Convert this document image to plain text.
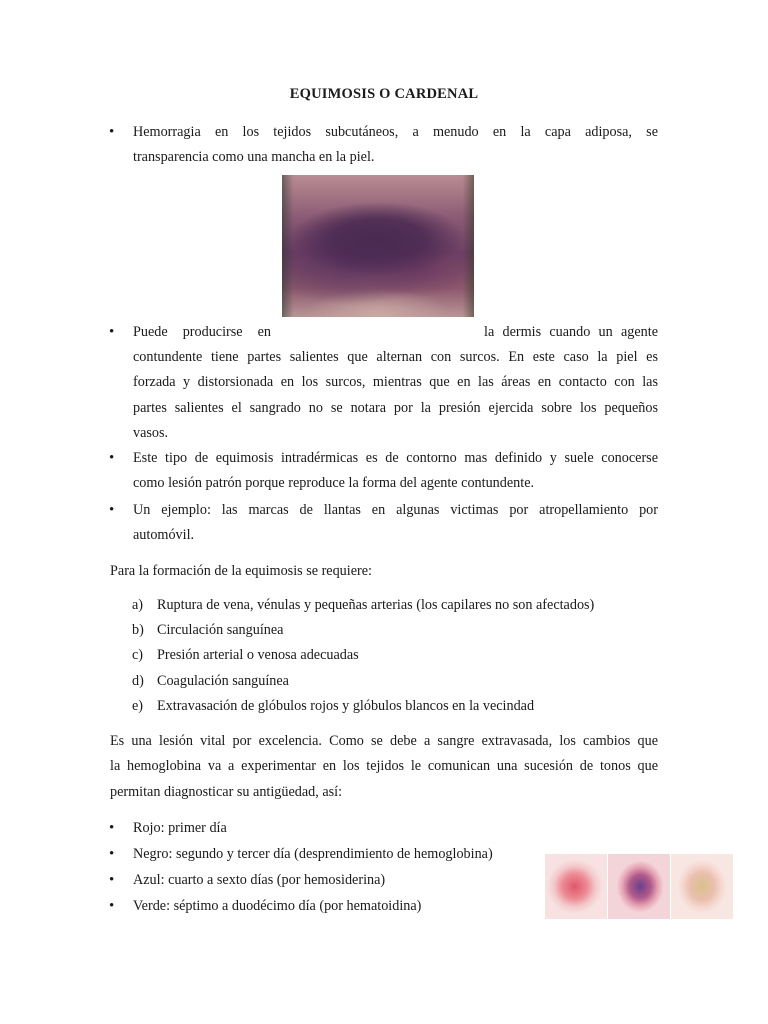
EQUIMOSIS O CARDENAL
• Hemorragia en los tejidos subcutáneos, a menudo en la capa adiposa, se
transparencia como una mancha en la piel.
• Puede producirse en	la dermis cuando un agente
contundente tiene partes salientes que alternan con surcos. En este caso la piel es
forzada y distorsionada en los surcos, mientras que en las áreas en contacto con las
partes salientes el sangrado no se notara por la presión ejercida sobre los pequeños
vasos.
• Este tipo de equimosis intradérmicas es de contorno mas definido y suele conocerse
como lesión patrón porque reproduce la forma del agente contundente.
• Un ejemplo: las marcas de llantas en algunas victimas por atropellamiento por
automóvil.
Para la formación de la equimosis se requiere:
a) Ruptura de vena, vénulas y pequeñas arterias (los capilares no son afectados)
b) Circulación sanguínea
c) Presión arterial o venosa adecuadas
d) Coagulación sanguínea
e) Extravasación de glóbulos rojos y glóbulos blancos en la vecindad
Es una lesión vital por excelencia. Como se debe a sangre extravasada, los cambios que
la hemoglobina va a experimentar en los tejidos le comunican una sucesión de tonos que
permitan diagnosticar su antigüedad, así:
• Rojo: primer día
• Negro: segundo y tercer día (desprendimiento de hemoglobina)
• Azul: cuarto a sexto días (por hemosiderina)
• Verde: séptimo a duodécimo día (por hematoidina)
